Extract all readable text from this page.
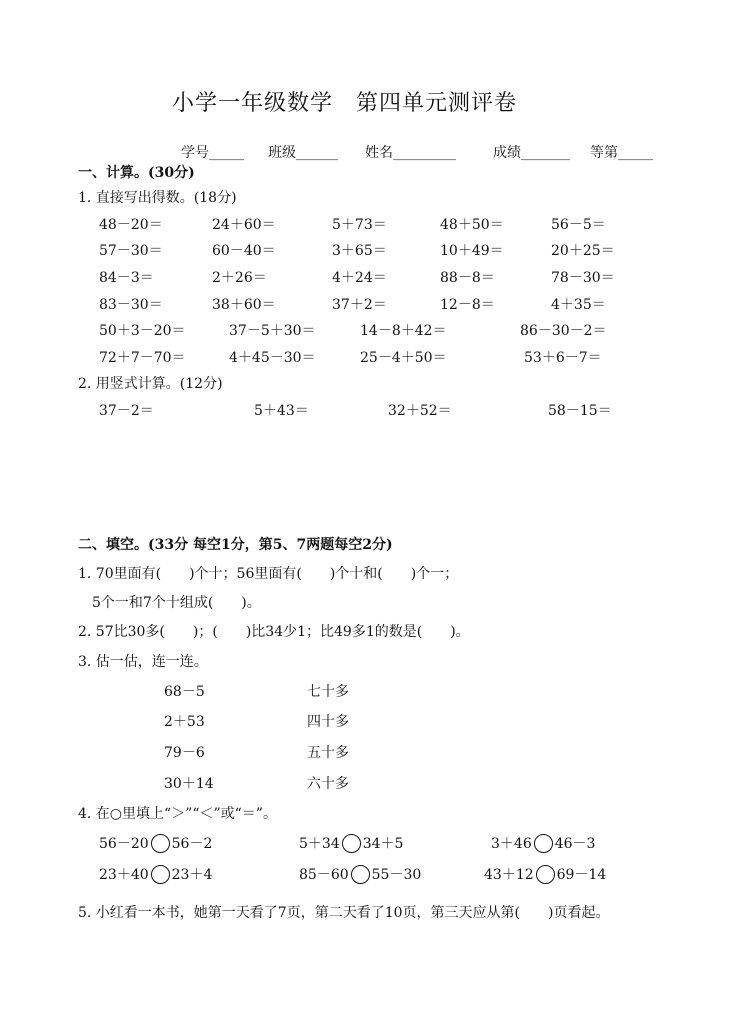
小学一年级数学　第四单元测评卷
学号_____ 班级______ 姓名_________	成绩_______ 等第_____
一、计算。(30分)
1. 直接写出得数。(18分)
48－20＝	24＋60＝	5＋73＝	48＋50＝	56－5＝
57－30＝	60－40＝	3＋65＝	10＋49＝	20＋25＝
84－3＝	2＋26＝	4＋24＝	88－8＝	78－30＝
83－30＝	38＋60＝	37＋2＝	12－8＝	4＋35＝
50＋3－20＝	37－5＋30＝	14－8＋42＝	86－30－2＝
72＋7－70＝	4＋45－30＝	25－4＋50＝	53＋6－7＝
2. 用竖式计算。(12分)
37－2＝	5＋43＝	32＋52＝	58－15＝
二、填空。(33分 每空1分，第5、7两题每空2分)
1. 70里面有(　　)个十；56里面有(　　)个十和(　　)个一；
5个一和7个十组成(　　)。
2. 57比30多(　　)；(　　)比34少1；比49多1的数是(　　)。
3. 估一估，连一连。
68－5
2＋53
79－6
30＋14
七十多
四十多
五十多
六十多
4. 在○里填上“＞”“＜”或“＝”。
56－20 56－2	5＋34 34＋5	3＋46 46－3
23＋40 23＋4	85－60 55－30	43＋12 69－14
5. 小红看一本书，她第一天看了7页，第二天看了10页，第三天应从第(　　)页看起。
